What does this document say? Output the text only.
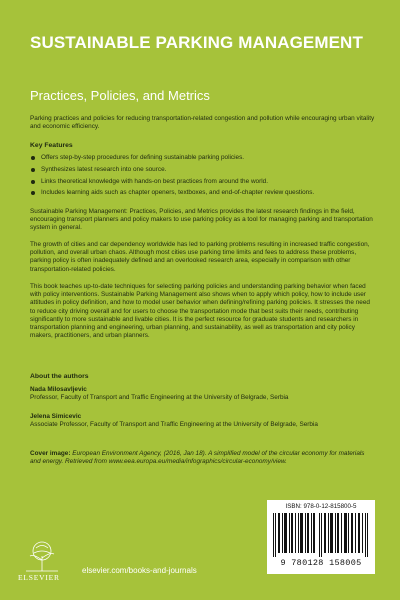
SUSTAINABLE PARKING MANAGEMENT
Practices, Policies, and Metrics

Parking practices and policies for reducing transportation-related congestion and pollution while encouraging urban vitality and economic efficiency.

Key Features
Offers step-by-step procedures for defining sustainable parking policies.
Synthesizes latest research into one source.
Links theoretical knowledge with hands-on best practices from around the world.
Includes learning aids such as chapter openers, textboxes, and end-of-chapter review questions.

Sustainable Parking Management: Practices, Policies, and Metrics provides the latest research findings in the field, encouraging transport planners and policy makers to use parking policy as a tool for managing parking and transportation system in general.

The growth of cities and car dependency worldwide has led to parking problems resulting in increased traffic congestion, pollution, and overall urban chaos. Although most cities use parking time limits and fees to address these problems, parking policy is often inadequately defined and an overlooked research area, especially in comparison with other transportation-related policies.

This book teaches up-to-date techniques for selecting parking policies and understanding parking behavior when faced with policy interventions. Sustainable Parking Management also shows when to apply which policy, how to include user attitudes in policy definition, and how to model user behavior when defining/refining parking policies. It stresses the need to reduce city driving overall and for users to choose the transportation mode that best suits their needs, contributing significantly to more sustainable and livable cities. It is the perfect resource for graduate students and researchers in transportation planning and engineering, urban planning, and sustainability, as well as transportation and city policy makers, practitioners, and urban planners.

About the authors
Nada Milosavljevic
Professor, Faculty of Transport and Traffic Engineering at the University of Belgrade, Serbia
Jelena Simicevic
Associate Professor, Faculty of Transport and Traffic Engineering at the University of Belgrade, Serbia

Cover image: European Environment Agency, (2016, Jan 18). A simplified model of the circular economy for materials and energy. Retrieved from www.eea.europa.eu/media/infographics/circular-economy/view.

ISBN: 978-0-12-815800-5
9 780128 158005
ELSEVIER
elsevier.com/books-and-journals
